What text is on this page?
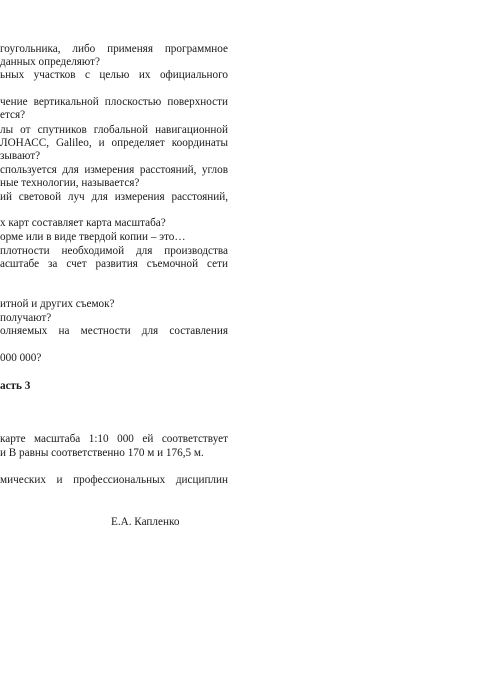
гоугольника, либо применяя программное
данных определяют?
ьных участков с целью их официального
чение вертикальной плоскостью поверхности
ется?
лы от спутников глобальной навигационной
ЛОНАСС, Galileo, и определяет координаты
зывают?
спользуется для измерения расстояний, углов
ные технологии, называется?
ий световой луч для измерения расстояний,
х карт составляет карта масштаба?
орме или в виде твердой копии – это…
плотности необходимой для производства
асштабе за счет развития съемочной сети
итной и других съемок?
получают?
олняемых на местности для составления
000 000?
асть 3
карте масштаба 1:10 000 ей соответствует
и В равны соответственно 170 м и 176,5 м.
мических и профессиональных дисциплин
Е.А. Капленко
